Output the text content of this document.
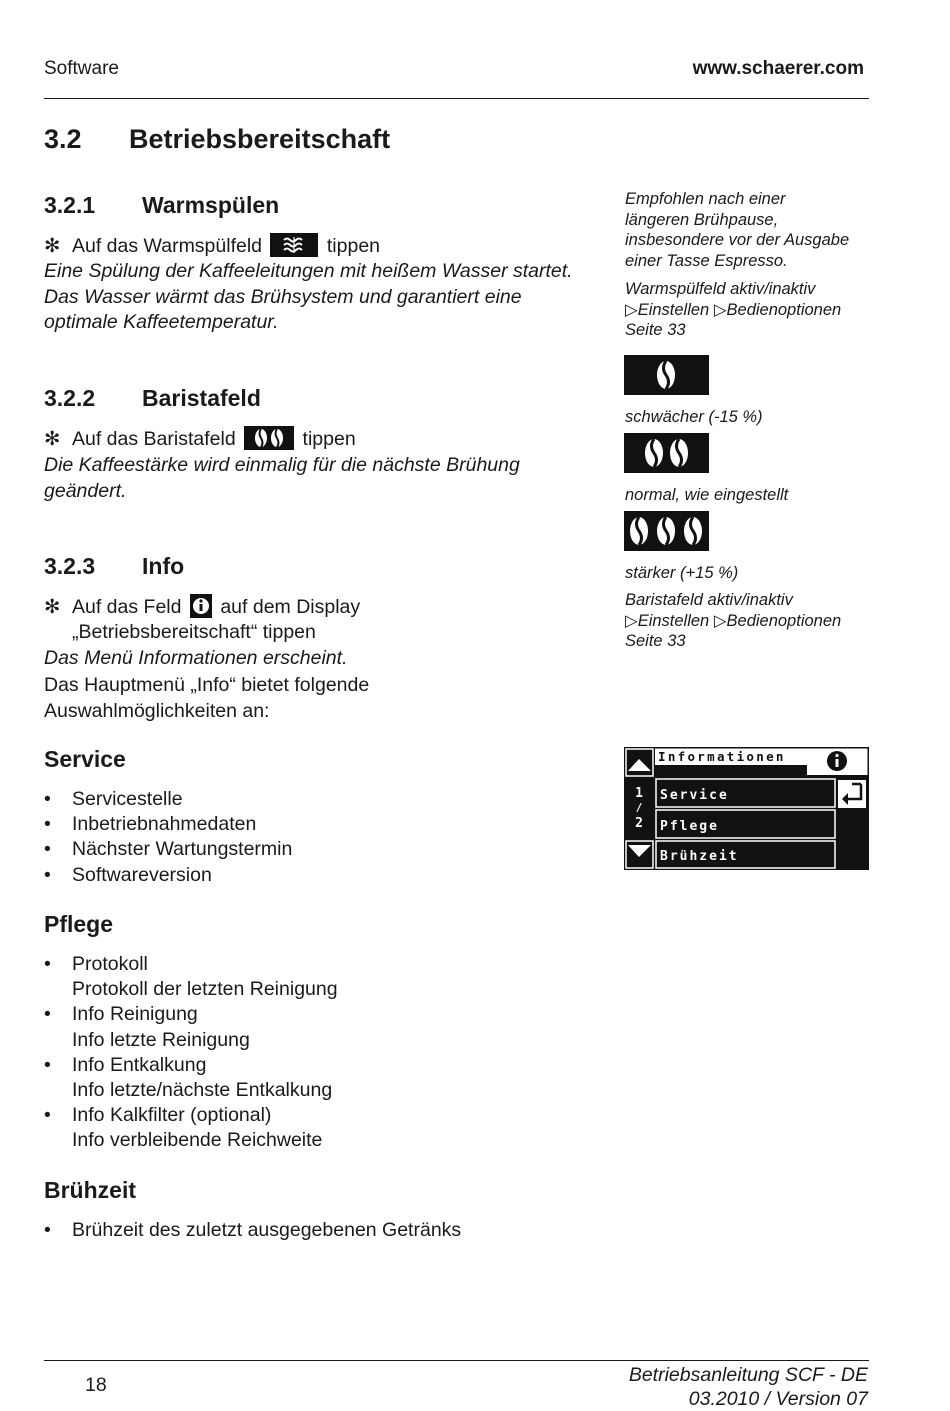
Software	www.schaerer.com
3.2 Betriebsbereitschaft
3.2.1 Warmspülen
✻ Auf das Warmspülfeld	tippen
Eine Spülung der Kaffeeleitungen mit heißem Wasser startet. Das Wasser wärmt das Brühsystem und garantiert eine optimale Kaffeetemperatur.
3.2.2 Baristafeld
✻ Auf das Baristafeld	tippen
Die Kaffeestärke wird einmalig für die nächste Brühung geändert.
3.2.3 Info
✻ Auf das Feld auf dem Display
„Betriebsbereitschaft“ tippen
Das Menü Informationen erscheint.
Das Hauptmenü „Info“ bietet folgende Auswahlmöglichkeiten an:
Service
• Servicestelle
• Inbetriebnahmedaten
• Nächster Wartungstermin
• Softwareversion
Pflege
• Protokoll
Protokoll der letzten Reinigung
• Info Reinigung
Info letzte Reinigung
• Info Entkalkung
Info letzte/nächste Entkalkung
• Info Kalkfilter (optional)
Info verbleibende Reichweite
Brühzeit
• Brühzeit des zuletzt ausgegebenen Getränks
Empfohlen nach einer
längeren Brühpause,
insbesondere vor der Ausgabe
einer Tasse Espresso.
Warmspülfeld aktiv/inaktiv
▷Einstellen ▷Bedienoptionen
Seite 33
schwächer (-15 %)
normal, wie eingestellt
stärker (+15 %)
Baristafeld aktiv/inaktiv
▷Einstellen ▷Bedienoptionen
Seite 33
1
/
2
Informationen
Service
Pflege
Brühzeit
18	Betriebsanleitung SCF - DE
03.2010 / Version 07
